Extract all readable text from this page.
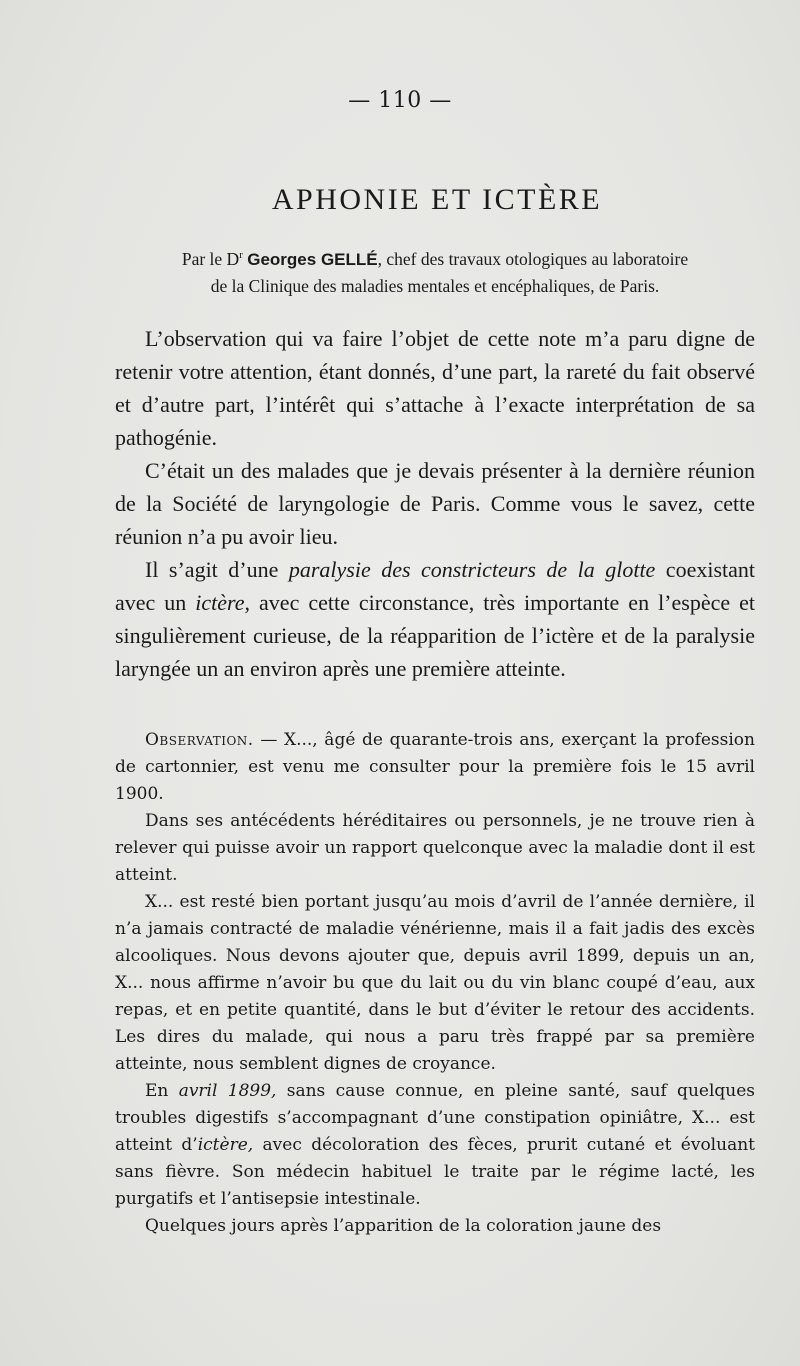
— 110 —
APHONIE ET ICTÈRE
Par le $D^r$ Georges GELLÉ, chef des travaux otologiques au laboratoire
de la Clinique des maladies mentales et encéphaliques, de Paris.

L’observation qui va faire l’objet de cette note m’a paru digne de retenir votre attention, étant donnés, d’une part, la rareté du fait observé et d’autre part, l’intérêt qui s’attache à l’exacte interprétation de sa pathogénie.

C’était un des malades que je devais présenter à la dernière réunion de la Société de laryngologie de Paris. Comme vous le savez, cette réunion n’a pu avoir lieu.

Il s’agit d’une paralysie des constricteurs de la glotte coexistant avec un ictère, avec cette circonstance, très importante en l’espèce et singulièrement curieuse, de la réapparition de l’ictère et de la paralysie laryngée un an environ après une première atteinte.

Observation. — X..., âgé de quarante-trois ans, exerçant la profession de cartonnier, est venu me consulter pour la première fois le 15 avril 1900.

Dans ses antécédents héréditaires ou personnels, je ne trouve rien à relever qui puisse avoir un rapport quelconque avec la maladie dont il est atteint.

X... est resté bien portant jusqu’au mois d’avril de l’année dernière, il n’a jamais contracté de maladie vénérienne, mais il a fait jadis des excès alcooliques. Nous devons ajouter que, depuis avril 1899, depuis un an, X... nous affirme n’avoir bu que du lait ou du vin blanc coupé d’eau, aux repas, et en petite quantité, dans le but d’éviter le retour des accidents. Les dires du malade, qui nous a paru très frappé par sa première atteinte, nous semblent dignes de croyance.

En avril 1899, sans cause connue, en pleine santé, sauf quelques troubles digestifs s’accompagnant d’une constipation opiniâtre, X... est atteint d’ictère, avec décoloration des fèces, prurit cutané et évoluant sans fièvre. Son médecin habituel le traite par le régime lacté, les purgatifs et l’antisepsie intestinale.

Quelques jours après l’apparition de la coloration jaune des
